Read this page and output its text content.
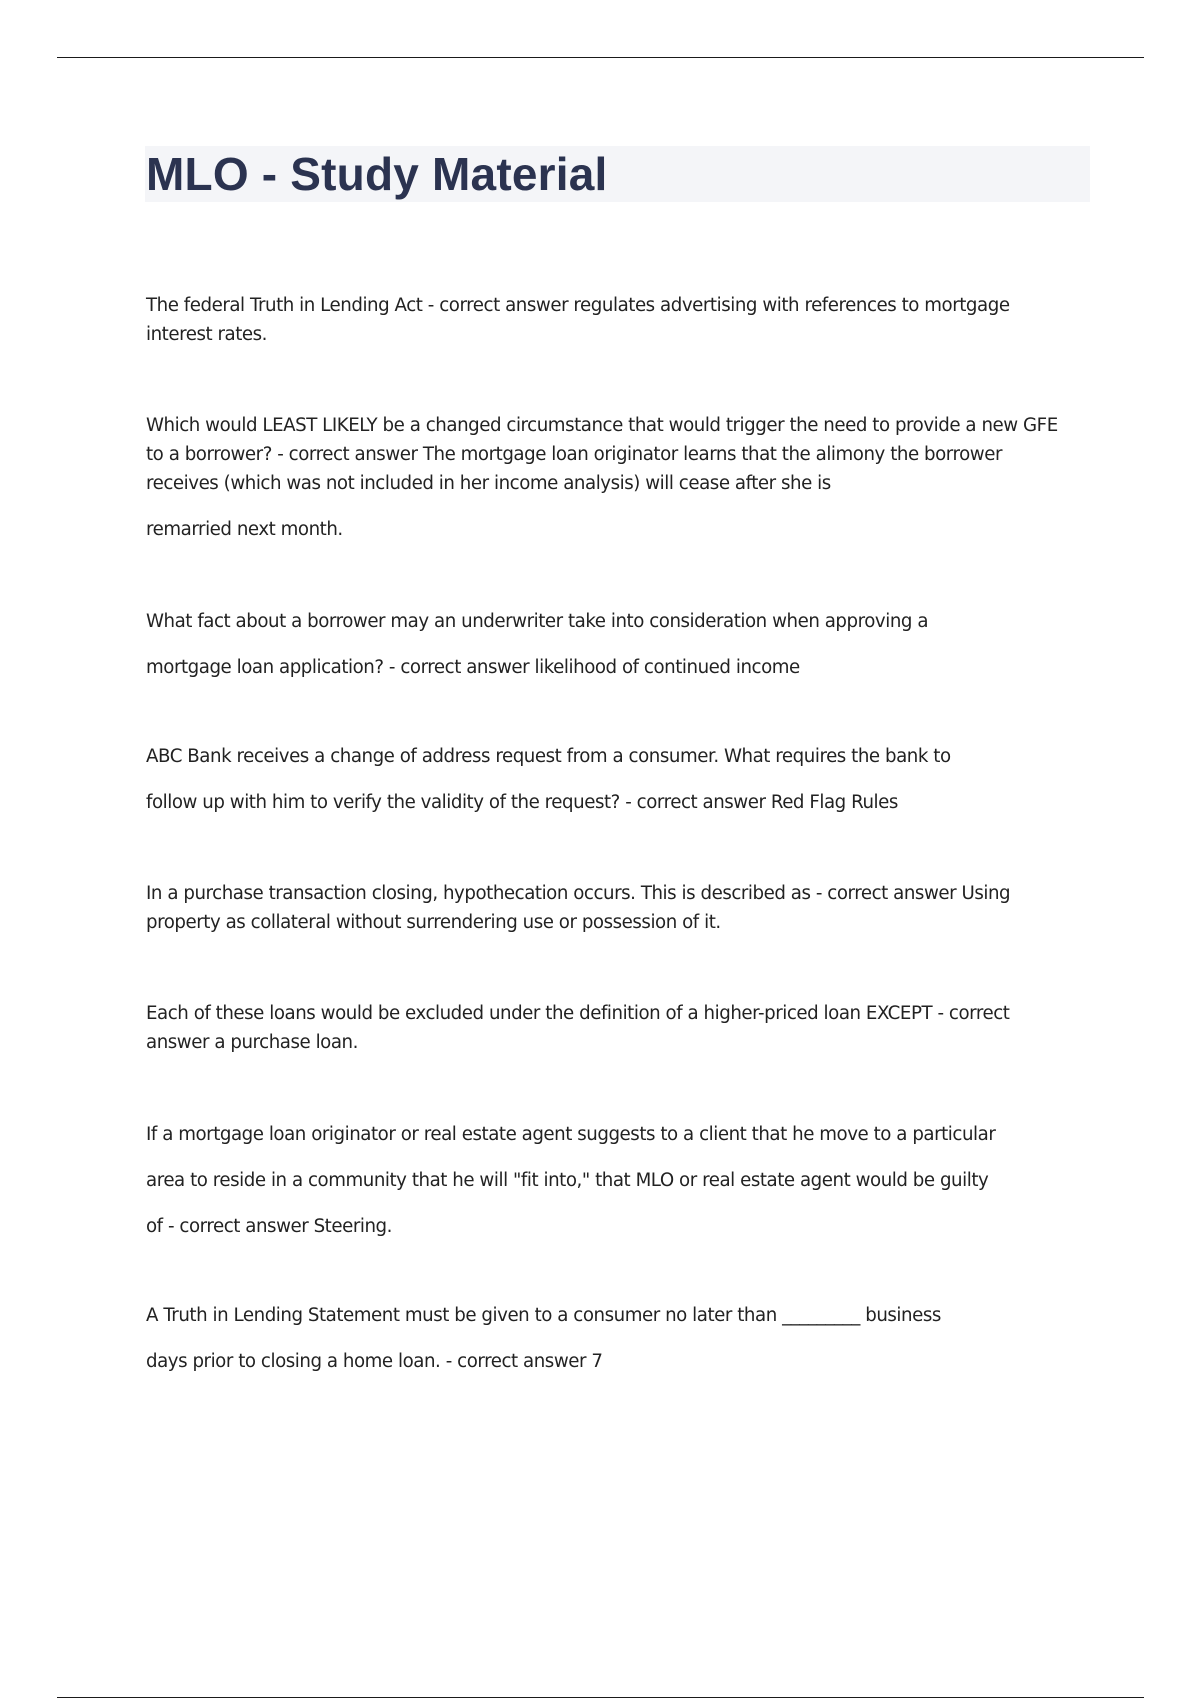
MLO - Study Material

The federal Truth in Lending Act - correct answer regulates advertising with references to mortgage
interest rates.

Which would LEAST LIKELY be a changed circumstance that would trigger the need to provide a new GFE
to a borrower? - correct answer The mortgage loan originator learns that the alimony the borrower
receives (which was not included in her income analysis) will cease after she is
remarried next month.

What fact about a borrower may an underwriter take into consideration when approving a
mortgage loan application? - correct answer likelihood of continued income

ABC Bank receives a change of address request from a consumer. What requires the bank to
follow up with him to verify the validity of the request? - correct answer Red Flag Rules

In a purchase transaction closing, hypothecation occurs. This is described as - correct answer Using
property as collateral without surrendering use or possession of it.

Each of these loans would be excluded under the definition of a higher-priced loan EXCEPT - correct
answer a purchase loan.

If a mortgage loan originator or real estate agent suggests to a client that he move to a particular
area to reside in a community that he will "fit into," that MLO or real estate agent would be guilty
of - correct answer Steering.

A Truth in Lending Statement must be given to a consumer no later than _________ business
days prior to closing a home loan. - correct answer 7
